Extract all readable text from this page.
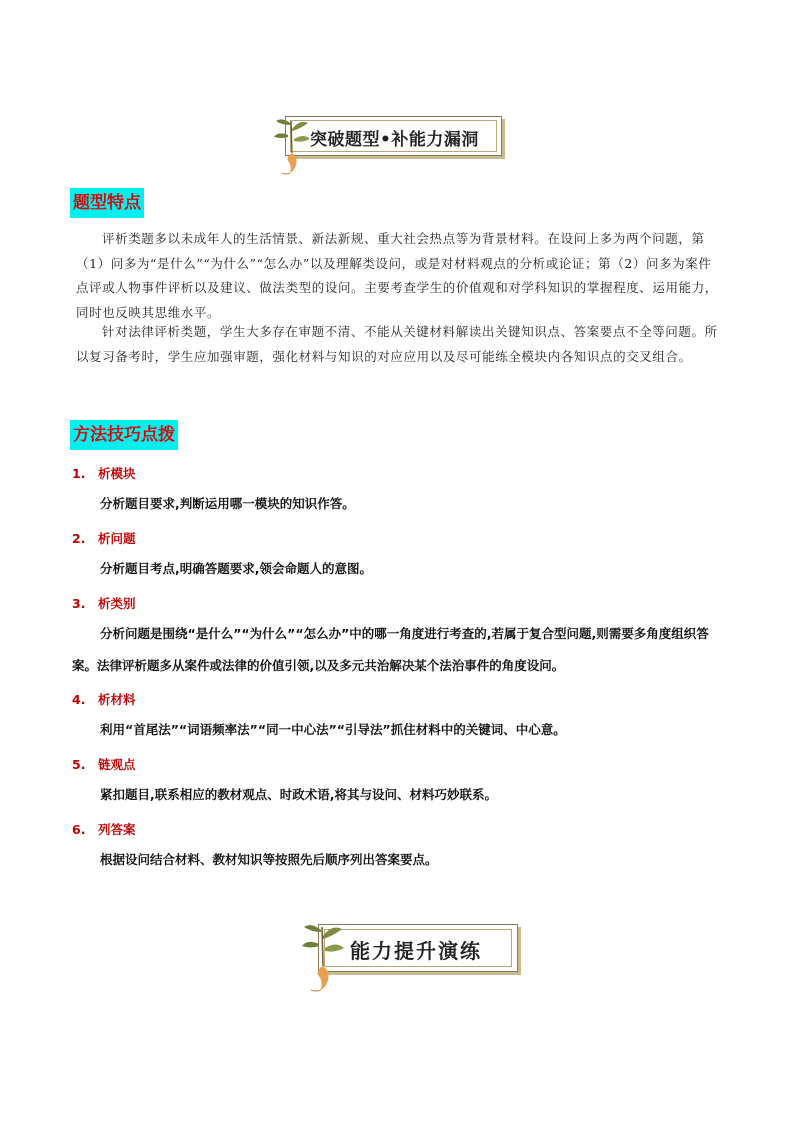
突破题型•补能力漏洞
题型特点

评析类题多以未成年人的生活情景、新法新规、重大社会热点等为背景材料。在设问上多为两个问题，第（1）问多为“是什么”“为什么”“怎么办”以及理解类设问，或是对材料观点的分析或论证；第（2）问多为案件点评或人物事件评析以及建议、做法类型的设问。主要考查学生的价值观和对学科知识的掌握程度、运用能力，同时也反映其思维水平。

针对法律评析类题，学生大多存在审题不清、不能从关键材料解读出关键知识点、答案要点不全等问题。所以复习备考时，学生应加强审题，强化材料与知识的对应应用以及尽可能练全模块内各知识点的交叉组合。

方法技巧点拨
1. 析模块

分析题目要求,判断运用哪一模块的知识作答。

2. 析问题

分析题目考点,明确答题要求,领会命题人的意图。

3. 析类别

分析问题是围绕“是什么”“为什么”“怎么办”中的哪一角度进行考查的,若属于复合型问题,则需要多角度组织答案。法律评析题多从案件或法律的价值引领,以及多元共治解决某个法治事件的角度设问。

4. 析材料

利用“首尾法”“词语频率法”“同一中心法”“引导法”抓住材料中的关键词、中心意。

5. 链观点

紧扣题目,联系相应的教材观点、时政术语,将其与设问、材料巧妙联系。

6. 列答案

根据设问结合材料、教材知识等按照先后顺序列出答案要点。

能力提升演练
